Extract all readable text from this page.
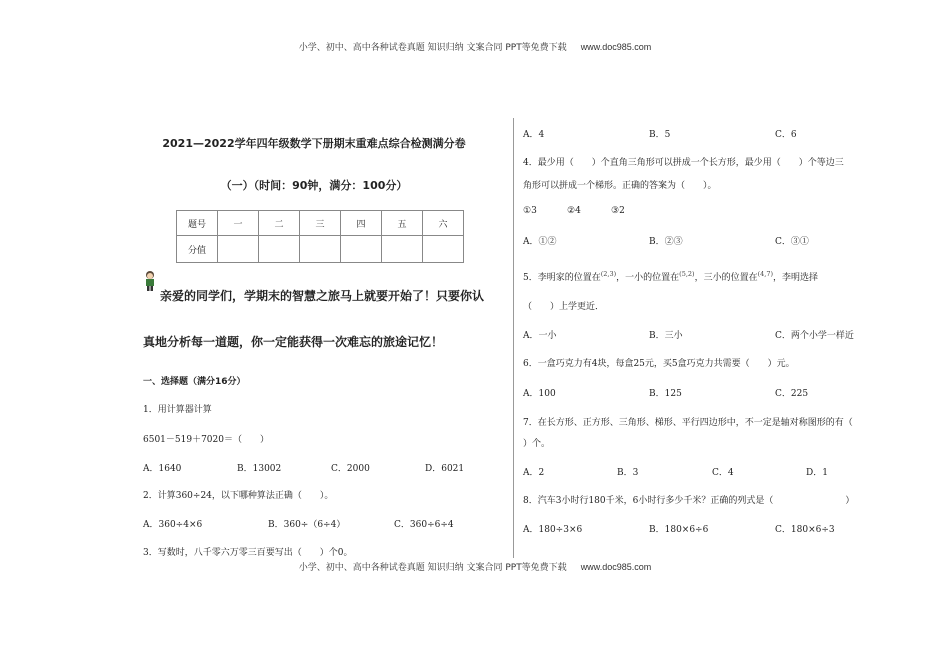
小学、初中、高中各种试卷真题 知识归纳 文案合同 PPT等免费下载 www.doc985.com
2021—2022学年四年级数学下册期末重难点综合检测满分卷
（一）（时间：90钟，满分：100分）
题号	一	二	三	四	五	六
分值						
亲爱的同学们，学期末的智慧之旅马上就要开始了！只要你认
真地分析每一道题，你一定能获得一次难忘的旅途记忆！
一、选择题（满分16分）
1．用计算器计算
6501－519＋7020＝（　　）
A．1640	B．13002	C．2000	D．6021
2．计算360÷24，以下哪种算法正确（　　）。
A．360÷4×6	B．360÷（6÷4）	C．360÷6÷4
3．写数时，八千零六万零三百要写出（　　）个0。
A．4	B．5	C．6
4．最少用（　　）个直角三角形可以拼成一个长方形，最少用（　　）个等边三
角形可以拼成一个梯形。正确的答案为（　　）。
①3	②4	③2
A．①②	B．②③	C．③①
5．李明家的位置在$^{(2,3)}$，一小的位置在$^{(5,2)}$，三小的位置在$^{(4,7)}$，李明选择
（　　）上学更近．
A．一小	B．三小	C．两个小学一样近
6．一盒巧克力有4块，每盒25元，买5盒巧克力共需要（　　）元。
A．100	B．125	C．225
7．在长方形、正方形、三角形、梯形、平行四边形中，不一定是轴对称图形的有（
）个。
A．2	B．3	C．4	D．1
8．汽车3小时行180千米，6小时行多少千米？正确的列式是（　　　　　　　　）
A．180÷3×6	B．180×6÷6	C．180×6÷3
小学、初中、高中各种试卷真题 知识归纳 文案合同 PPT等免费下载 www.doc985.com
